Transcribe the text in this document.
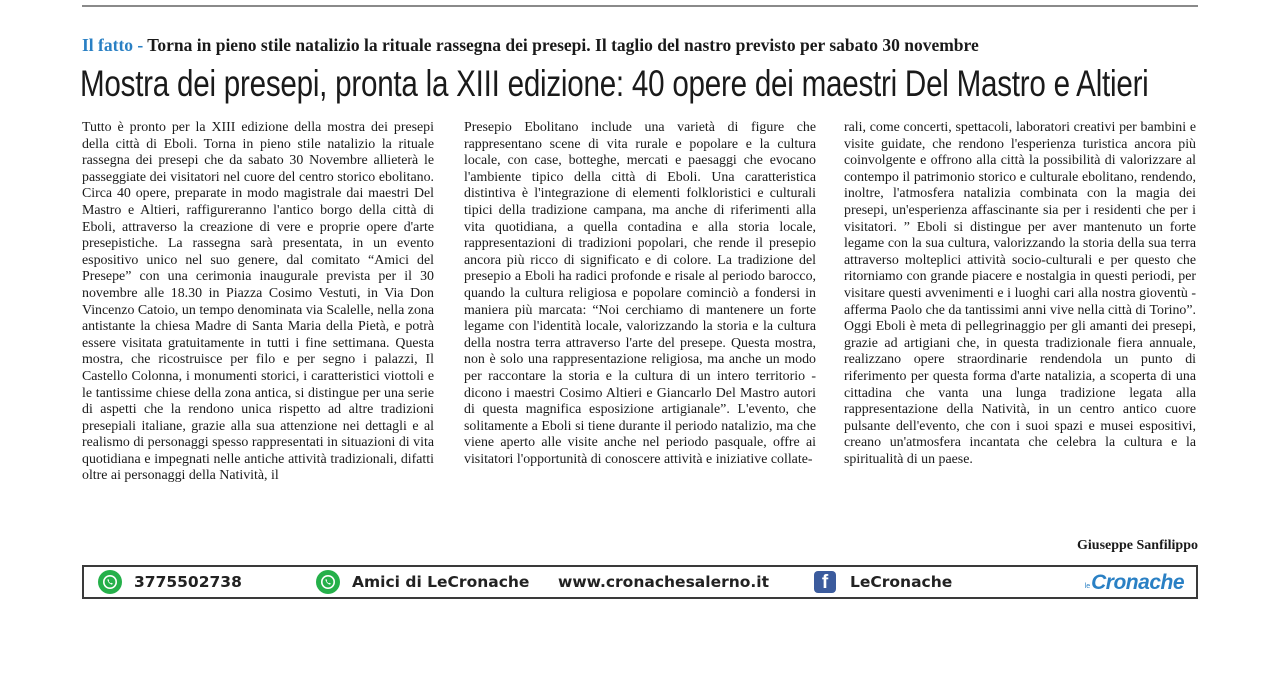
Il fatto - Torna in pieno stile natalizio la rituale rassegna dei presepi. Il taglio del nastro previsto per sabato 30 novembre
Mostra dei presepi, pronta la XIII edizione: 40 opere dei maestri Del Mastro e Altieri

Tutto è pronto per la XIII edizione della mostra dei presepi della città di Eboli. Torna in pieno stile natalizio la rituale rassegna dei presepi che da sabato 30 Novembre allieterà le passeggiate dei visitatori nel cuore del centro storico ebolitano. Circa 40 opere, preparate in modo magistrale dai maestri Del Mastro e Altieri, raffigureranno l'antico borgo della città di Eboli, attraverso la creazione di vere e proprie opere d'arte presepistiche. La rassegna sarà presentata, in un evento espositivo unico nel suo genere, dal comitato “Amici del Presepe” con una cerimonia inaugurale prevista per il 30 novembre alle 18.30 in Piazza Cosimo Vestuti, in Via Don Vincenzo Catoio, un tempo denominata via Scalelle, nella zona antistante la chiesa Madre di Santa Maria della Pietà, e potrà essere visitata gratuitamente in tutti i fine settimana. Questa mostra, che ricostruisce per filo e per segno i palazzi, Il Castello Colonna, i monumenti storici, i caratteristici viottoli e le tantissime chiese della zona antica, si distingue per una serie di aspetti che la rendono unica rispetto ad altre tradizioni presepiali italiane, grazie alla sua attenzione nei dettagli e al realismo di personaggi spesso rappresentati in situazioni di vita quotidiana e impegnati nelle antiche attività tradizionali, difatti oltre ai personaggi della Natività, il

Presepio Ebolitano include una varietà di figure che rappresentano scene di vita rurale e popolare e la cultura locale, con case, botteghe, mercati e paesaggi che evocano l'ambiente tipico della città di Eboli. Una caratteristica distintiva è l'integrazione di elementi folkloristici e culturali tipici della tradizione campana, ma anche di riferimenti alla vita quotidiana, a quella contadina e alla storia locale, rappresentazioni di tradizioni popolari, che rende il presepio ancora più ricco di significato e di colore. La tradizione del presepio a Eboli ha radici profonde e risale al periodo barocco, quando la cultura religiosa e popolare cominciò a fondersi in maniera più marcata: “Noi cerchiamo di mantenere un forte legame con l'identità locale, valorizzando la storia e la cultura della nostra terra attraverso l'arte del presepe. Questa mostra, non è solo una rappresentazione religiosa, ma anche un modo per raccontare la storia e la cultura di un intero territorio - dicono i maestri Cosimo Altieri e Giancarlo Del Mastro autori di questa magnifica esposizione artigianale”. L'evento, che solitamente a Eboli si tiene durante il periodo natalizio, ma che viene aperto alle visite anche nel periodo pasquale, offre ai visitatori l'opportunità di conoscere attività e iniziative collate-

rali, come concerti, spettacoli, laboratori creativi per bambini e visite guidate, che rendono l'esperienza turistica ancora più coinvolgente e offrono alla città la possibilità di valorizzare al contempo il patrimonio storico e culturale ebolitano, rendendo, inoltre, l'atmosfera natalizia combinata con la magia dei presepi, un'esperienza affascinante sia per i residenti che per i visitatori. ” Eboli si distingue per aver mantenuto un forte legame con la sua cultura, valorizzando la storia della sua terra attraverso molteplici attività socio-culturali e per questo che ritorniamo con grande piacere e nostalgia in questi periodi, per visitare questi avvenimenti e i luoghi cari alla nostra gioventù - afferma Paolo che da tantissimi anni vive nella città di Torino”. Oggi Eboli è meta di pellegrinaggio per gli amanti dei presepi, grazie ad artigiani che, in questa tradizionale fiera annuale, realizzano opere straordinarie rendendola un punto di riferimento per questa forma d'arte natalizia, a scoperta di una cittadina che vanta una lunga tradizione legata alla rappresentazione della Natività, in un centro antico cuore pulsante dell'evento, che con i suoi spazi e musei espositivi, creano un'atmosfera incantata che celebra la cultura e la spiritualità di un paese.

Giuseppe Sanfilippo
3775502738	Amici di LeCronache www.cronachesalerno.it	f	LeCronache	le Cronache
